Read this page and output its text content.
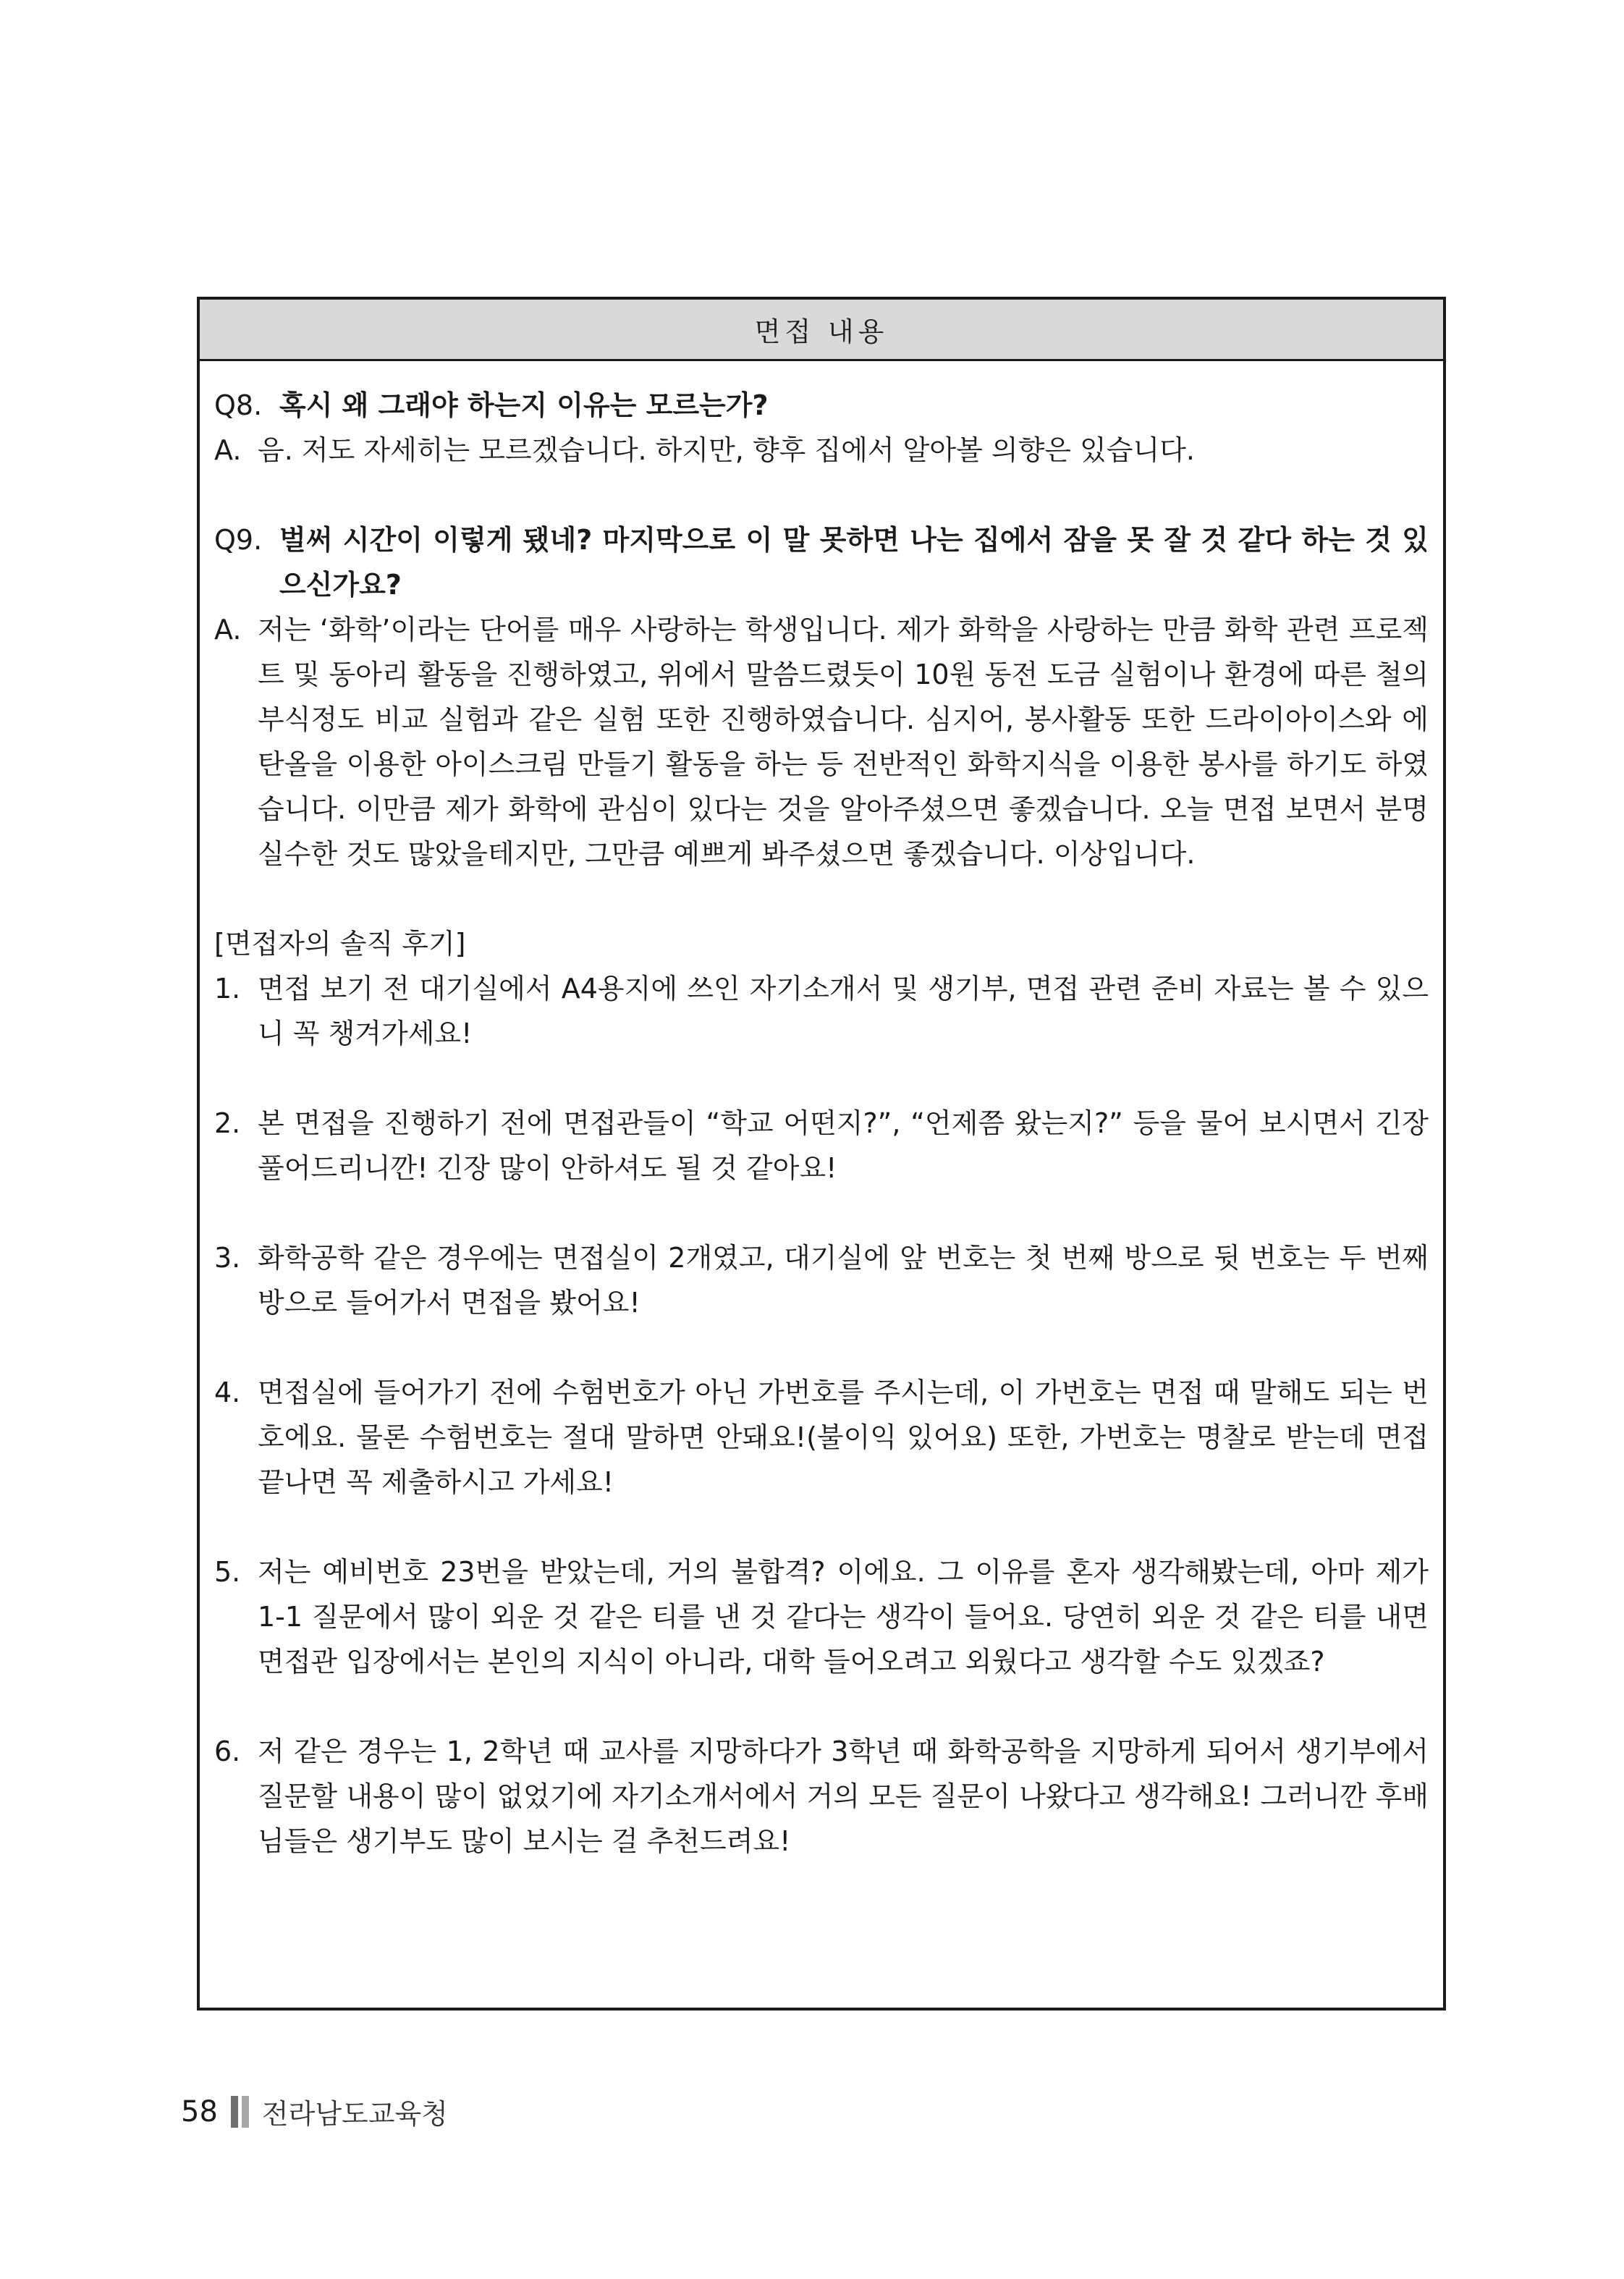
면접 내용
Q8. 혹시 왜 그래야 하는지 이유는 모르는가?
A. 음. 저도 자세히는 모르겠습니다. 하지만, 향후 집에서 알아볼 의향은 있습니다.
Q9. 벌써 시간이 이렇게 됐네? 마지막으로 이 말 못하면 나는 집에서 잠을 못 잘 것 같다 하는 것 있으신가요?
A. 저는 ‘화학’이라는 단어를 매우 사랑하는 학생입니다. 제가 화학을 사랑하는 만큼 화학 관련 프로젝트 및 동아리 활동을 진행하였고, 위에서 말씀드렸듯이 10원 동전 도금 실험이나 환경에 따른 철의부식정도 비교 실험과 같은 실험 또한 진행하였습니다. 심지어, 봉사활동 또한 드라이아이스와 에탄올을 이용한 아이스크림 만들기 활동을 하는 등 전반적인 화학지식을 이용한 봉사를 하기도 하였습니다. 이만큼 제가 화학에 관심이 있다는 것을 알아주셨으면 좋겠습니다. 오늘 면접 보면서 분명 실수한 것도 많았을테지만, 그만큼 예쁘게 봐주셨으면 좋겠습니다. 이상입니다.
[면접자의 솔직 후기]
1. 면접 보기 전 대기실에서 A4용지에 쓰인 자기소개서 및 생기부, 면접 관련 준비 자료는 볼 수 있으니 꼭 챙겨가세요!
2. 본 면접을 진행하기 전에 면접관들이 “학교 어떤지?”, “언제쯤 왔는지?” 등을 물어 보시면서 긴장 풀어드리니깐! 긴장 많이 안하셔도 될 것 같아요!
3. 화학공학 같은 경우에는 면접실이 2개였고, 대기실에 앞 번호는 첫 번째 방으로 뒷 번호는 두 번째 방으로 들어가서 면접을 봤어요!
4. 면접실에 들어가기 전에 수험번호가 아닌 가번호를 주시는데, 이 가번호는 면접 때 말해도 되는 번호에요. 물론 수험번호는 절대 말하면 안돼요!(불이익 있어요) 또한, 가번호는 명찰로 받는데 면접 끝나면 꼭 제출하시고 가세요!
5. 저는 예비번호 23번을 받았는데, 거의 불합격? 이에요. 그 이유를 혼자 생각해봤는데, 아마 제가 1-1 질문에서 많이 외운 것 같은 티를 낸 것 같다는 생각이 들어요. 당연히 외운 것 같은 티를 내면 면접관 입장에서는 본인의 지식이 아니라, 대학 들어오려고 외웠다고 생각할 수도 있겠죠?
6. 저 같은 경우는 1, 2학년 때 교사를 지망하다가 3학년 때 화학공학을 지망하게 되어서 생기부에서 질문할 내용이 많이 없었기에 자기소개서에서 거의 모든 질문이 나왔다고 생각해요! 그러니깐 후배님들은 생기부도 많이 보시는 걸 추천드려요!
58 전라남도교육청
